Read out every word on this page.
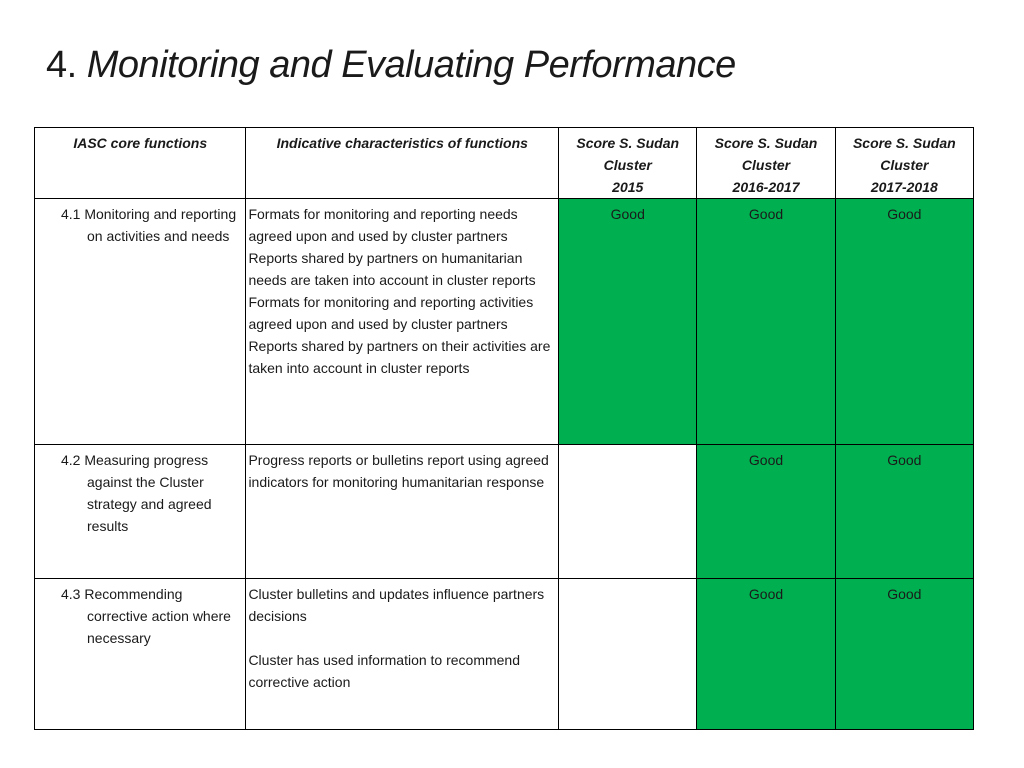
4. Monitoring and Evaluating Performance
IASC core functions	Indicative characteristics of functions	Score S. Sudan
Cluster
2015	Score S. Sudan
Cluster
2016-2017	Score S. Sudan
Cluster
2017-2018

4.1 Monitoring and reporting on activities and needs	Formats for monitoring and reporting needs agreed upon and used by cluster partners
Reports shared by partners on humanitarian needs are taken into account in cluster reports
Formats for monitoring and reporting activities agreed upon and used by cluster partners
Reports shared by partners on their activities are taken into account in cluster reports	Good	Good	Good

4.2 Measuring progress against the Cluster strategy and agreed results	Progress reports or bulletins report using agreed indicators for monitoring humanitarian response		Good	Good

4.3 Recommending corrective action where necessary	Cluster bulletins and updates influence partners decisions
Cluster has used information to recommend corrective action		Good	Good
